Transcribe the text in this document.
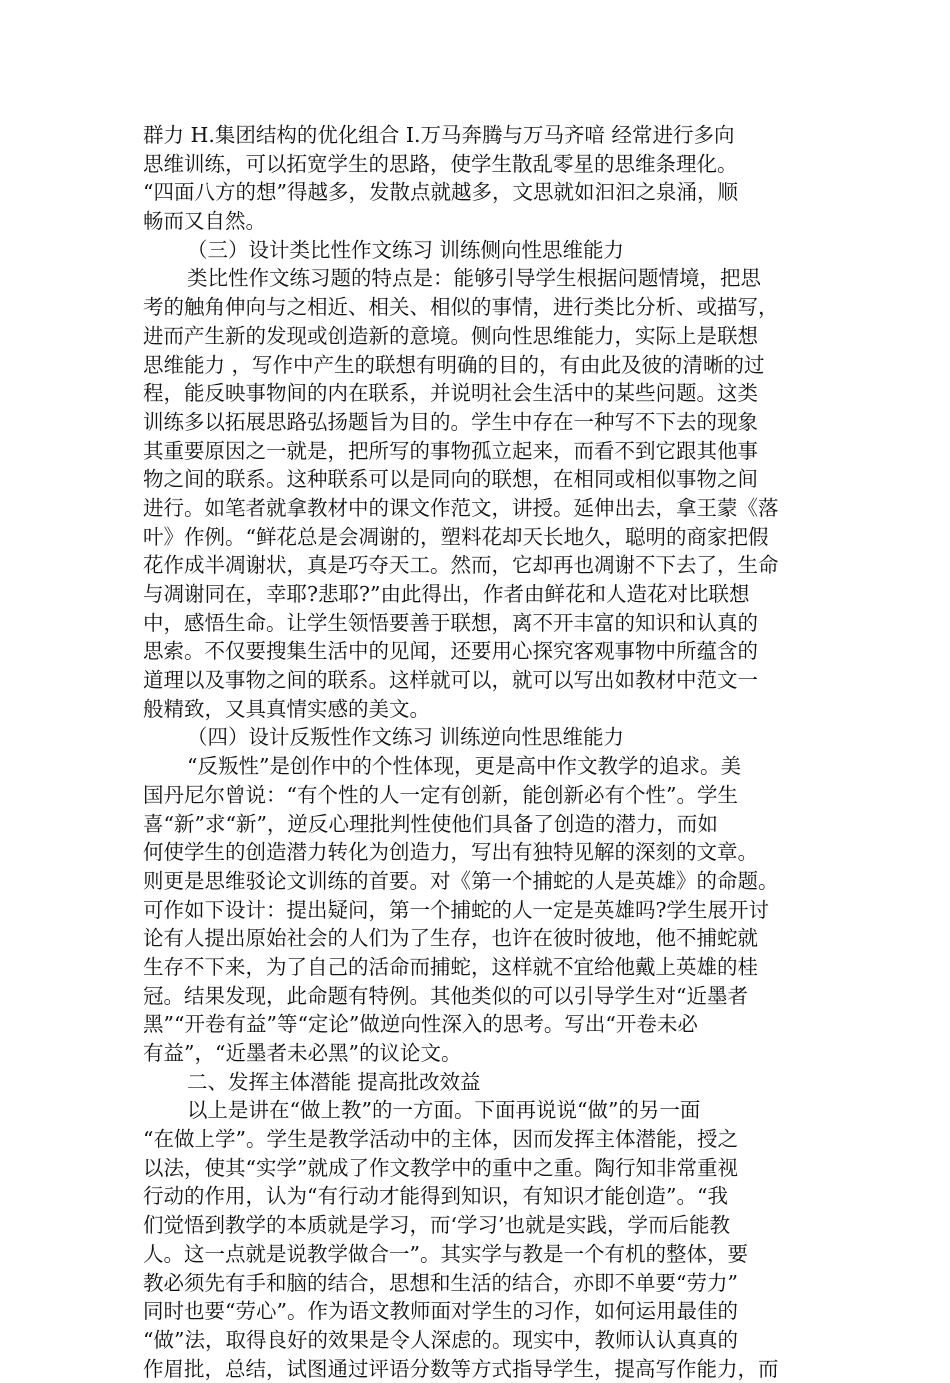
群力 H.集团结构的优化组合 I.万马奔腾与万马齐喑 经常进行多向
思维训练，可以拓宽学生的思路，使学生散乱零星的思维条理化。
“四面八方的想”得越多，发散点就越多，文思就如汩汩之泉涌，顺
畅而又自然。
（三）设计类比性作文练习 训练侧向性思维能力
类比性作文练习题的特点是：能够引导学生根据问题情境，把思
考的触角伸向与之相近、相关、相似的事情，进行类比分析、或描写，
进而产生新的发现或创造新的意境。侧向性思维能力，实际上是联想
思维能力 ，写作中产生的联想有明确的目的，有由此及彼的清晰的过
程，能反映事物间的内在联系，并说明社会生活中的某些问题。这类
训练多以拓展思路弘扬题旨为目的。学生中存在一种写不下去的现象
其重要原因之一就是，把所写的事物孤立起来，而看不到它跟其他事
物之间的联系。这种联系可以是同向的联想，在相同或相似事物之间
进行。如笔者就拿教材中的课文作范文，讲授。延伸出去，拿王蒙《落
叶》作例。“鲜花总是会凋谢的，塑料花却天长地久，聪明的商家把假
花作成半凋谢状，真是巧夺天工。然而，它却再也凋谢不下去了，生命
与凋谢同在，幸耶?悲耶?”由此得出，作者由鲜花和人造花对比联想
中，感悟生命。让学生领悟要善于联想，离不开丰富的知识和认真的
思索。不仅要搜集生活中的见闻，还要用心探究客观事物中所蕴含的
道理以及事物之间的联系。这样就可以，就可以写出如教材中范文一
般精致，又具真情实感的美文。
（四）设计反叛性作文练习 训练逆向性思维能力
“反叛性”是创作中的个性体现，更是高中作文教学的追求。美
国丹尼尔曾说：“有个性的人一定有创新，能创新必有个性”。学生
喜“新”求“新”，逆反心理批判性使他们具备了创造的潜力，而如
何使学生的创造潜力转化为创造力，写出有独特见解的深刻的文章。
则更是思维驳论文训练的首要。对《第一个捕蛇的人是英雄》的命题。
可作如下设计：提出疑问，第一个捕蛇的人一定是英雄吗?学生展开讨
论有人提出原始社会的人们为了生存，也许在彼时彼地，他不捕蛇就
生存不下来，为了自己的活命而捕蛇，这样就不宜给他戴上英雄的桂
冠。结果发现，此命题有特例。其他类似的可以引导学生对“近墨者
黑”“开卷有益”等“定论”做逆向性深入的思考。写出“开卷未必
有益”，“近墨者未必黑”的议论文。
二、发挥主体潜能 提高批改效益
以上是讲在“做上教”的一方面。下面再说说“做”的另一面
“在做上学”。学生是教学活动中的主体，因而发挥主体潜能，授之
以法，使其“实学”就成了作文教学中的重中之重。陶行知非常重视
行动的作用，认为“有行动才能得到知识，有知识才能创造”。“我
们觉悟到教学的本质就是学习，而‘学习’也就是实践，学而后能教
人。这一点就是说教学做合一”。其实学与教是一个有机的整体，要
教必须先有手和脑的结合，思想和生活的结合，亦即不单要“劳力”
同时也要“劳心”。作为语文教师面对学生的习作，如何运用最佳的
“做”法，取得良好的效果是令人深虑的。现实中，教师认认真真的
作眉批，总结，试图通过评语分数等方式指导学生，提高写作能力，而
